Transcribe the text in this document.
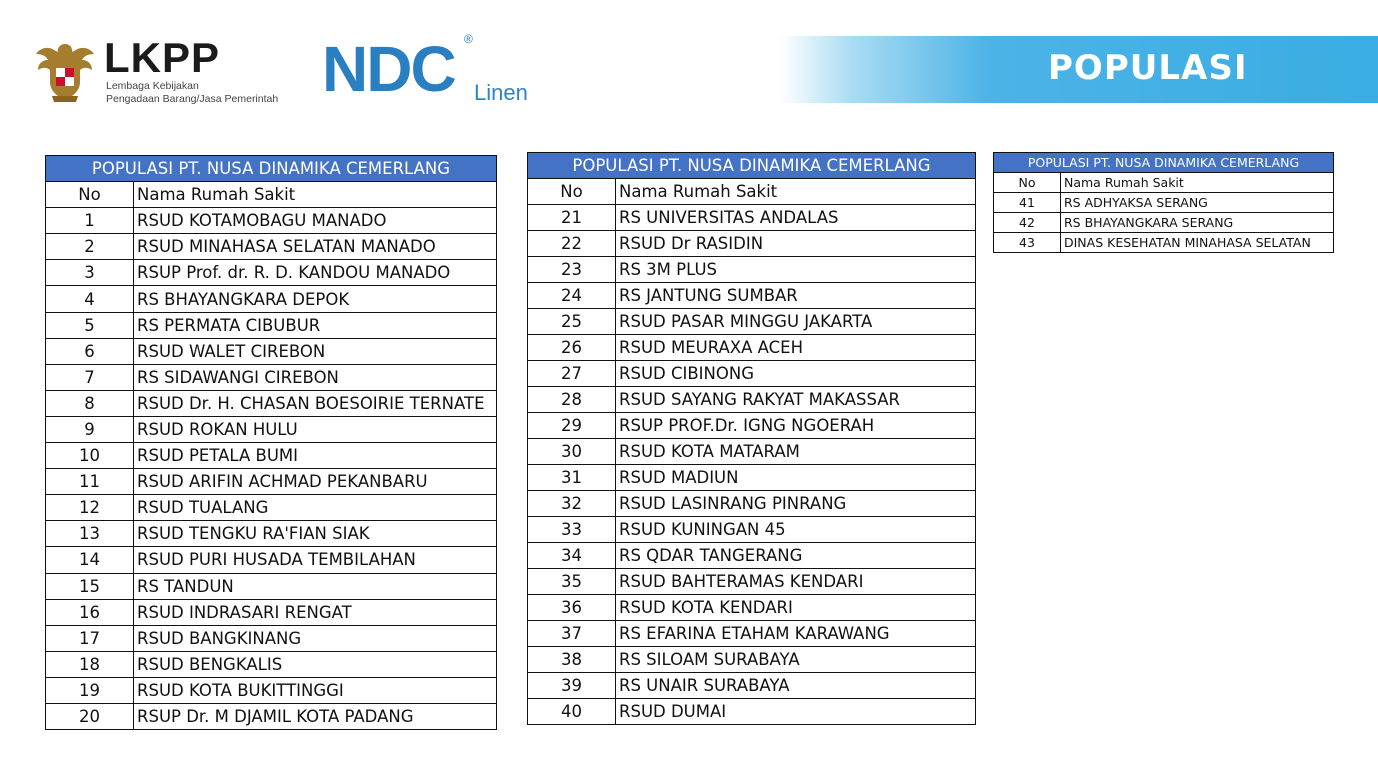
LKPP
Lembaga Kebijakan
Pengadaan Barang/Jasa Pemerintah NDC ®
Linen
POPULASI
POPULASI PT. NUSA DINAMIKA CEMERLANG	
No	Nama Rumah Sakit
1	RSUD KOTAMOBAGU MANADO
2	RSUD MINAHASA SELATAN MANADO
3	RSUP Prof. dr. R. D. KANDOU MANADO
4	RS BHAYANGKARA DEPOK
5	RS PERMATA CIBUBUR
6	RSUD WALET CIREBON
7	RS SIDAWANGI CIREBON
8	RSUD Dr. H. CHASAN BOESOIRIE TERNATE
9	RSUD ROKAN HULU
10	RSUD PETALA BUMI
11	RSUD ARIFIN ACHMAD PEKANBARU
12	RSUD TUALANG
13	RSUD TENGKU RA'FIAN SIAK
14	RSUD PURI HUSADA TEMBILAHAN
15	RS TANDUN
16	RSUD INDRASARI RENGAT
17	RSUD BANGKINANG
18	RSUD BENGKALIS
19	RSUD KOTA BUKITTINGGI
20	RSUP Dr. M DJAMIL KOTA PADANG
POPULASI PT. NUSA DINAMIKA CEMERLANG	
No	Nama Rumah Sakit
21	RS UNIVERSITAS ANDALAS
22	RSUD Dr RASIDIN
23	RS 3M PLUS
24	RS JANTUNG SUMBAR
25	RSUD PASAR MINGGU JAKARTA
26	RSUD MEURAXA ACEH
27	RSUD CIBINONG
28	RSUD SAYANG RAKYAT MAKASSAR
29	RSUP PROF.Dr. IGNG NGOERAH
30	RSUD KOTA MATARAM
31	RSUD MADIUN
32	RSUD LASINRANG PINRANG
33	RSUD KUNINGAN 45
34	RS QDAR TANGERANG
35	RSUD BAHTERAMAS KENDARI
36	RSUD KOTA KENDARI
37	RS EFARINA ETAHAM KARAWANG
38	RS SILOAM SURABAYA
39	RS UNAIR SURABAYA
40	RSUD DUMAI
POPULASI PT. NUSA DINAMIKA CEMERLANG	
No	Nama Rumah Sakit
41	RS ADHYAKSA SERANG
42	RS BHAYANGKARA SERANG
43	DINAS KESEHATAN MINAHASA SELATAN
